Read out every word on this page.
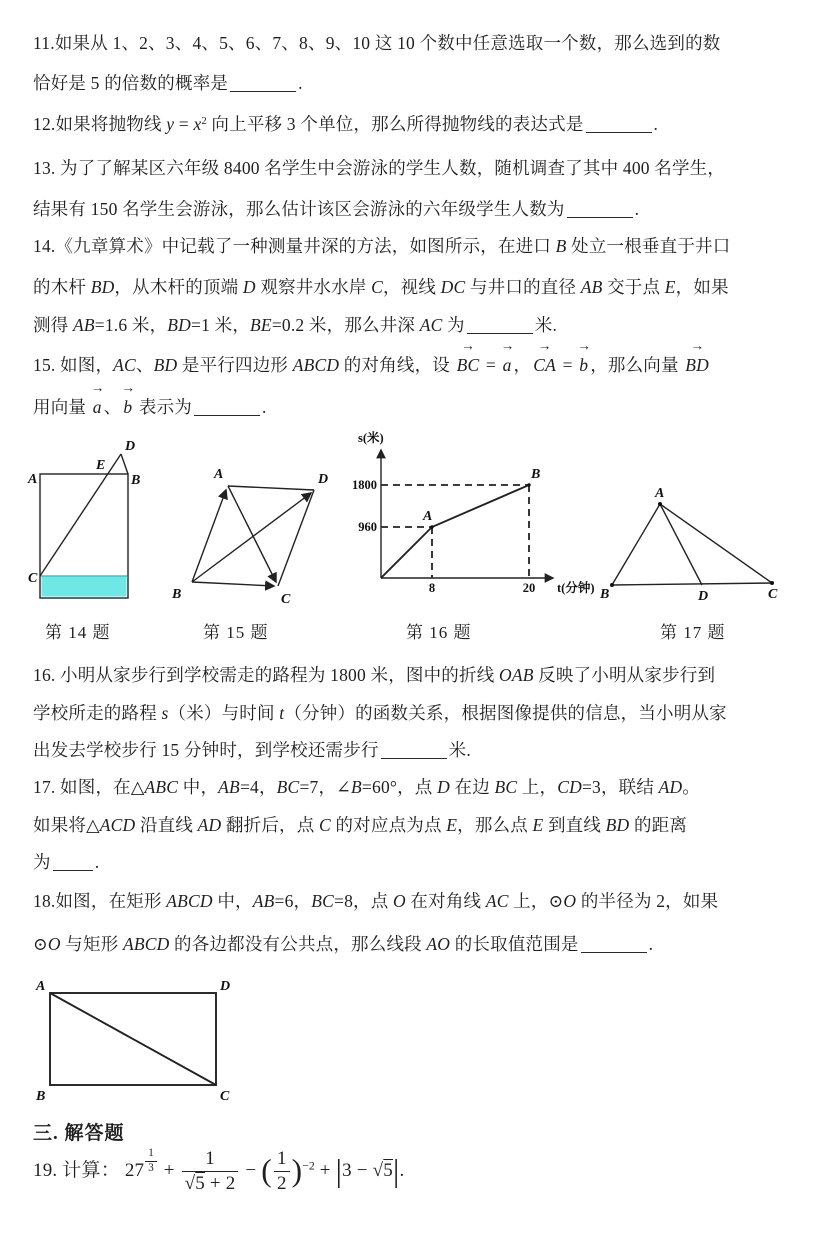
11.如果从 1、2、3、4、5、6、7、8、9、10 这 10 个数中任意选取一个数，那么选到的数
恰好是 5 的倍数的概率是	.
12.如果将抛物线 $y = x^2$ 向上平移 3 个单位，那么所得抛物线的表达式是	.
13. 为了了解某区六年级 8400 名学生中会游泳的学生人数，随机调查了其中 400 名学生，
结果有 150 名学生会游泳，那么估计该区会游泳的六年级学生人数为	.
14.《九章算术》中记载了一种测量井深的方法，如图所示，在进口 B 处立一根垂直于井口
的木杆 BD，从木杆的顶端 D 观察井水水岸 C，视线 DC 与井口的直径 AB 交于点 E，如果
测得 AB=1.6 米，BD=1 米，BE=0.2 米，那么井深 AC 为	米.
15. 如图，AC、BD 是平行四边形 ABCD 的对角线，设 → BC = → a ， → CA = → b ，那么向量 → BD
用向量 → a 、 → b 表示为	.
A	B
C
D
E
A	D
B	C
s(米)
1800
960
A
B
8	20 t(分钟)
A
B	D	C
第 14 题	第 15 题	第 16 题	第 17 题
16. 小明从家步行到学校需走的路程为 1800 米，图中的折线 OAB 反映了小明从家步行到
学校所走的路程 s（米）与时间 t（分钟）的函数关系，根据图像提供的信息，当小明从家
出发去学校步行 15 分钟时，到学校还需步行	米.
17. 如图，在△ABC 中，AB=4，BC=7，∠B=60°，点 D 在边 BC 上，CD=3，联结 AD。
如果将△ACD 沿直线 AD 翻折后，点 C 的对应点为点 E，那么点 E 到直线 BD 的距离
为	.
18.如图，在矩形 ABCD 中，AB=6，BC=8，点 O 在对角线 AC 上，⊙O 的半径为 2，如果
⊙O 与矩形 ABCD 的各边都没有公共点，那么线段 AO 的长取值范围是	.
A	D
B	C
三. 解答题
19. 计算： $27 \frac{1}{3} + \frac{1}{√5 + 2}$ − ( $\frac{1}{2} )^{-2} + |3 - √5|$.
